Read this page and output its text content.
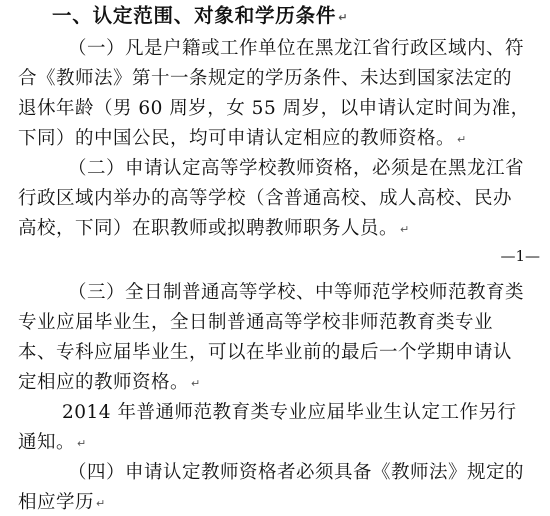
一、认定范围、对象和学历条件 ↵
（一）凡是户籍或工作单位在黑龙江省行政区域内、符
合《教师法》第十一条规定的学历条件、未达到国家法定的
退休年龄（男 60 周岁，女 55 周岁，以申请认定时间为准，
下同）的中国公民，均可申请认定相应的教师资格。 ↵
（二）申请认定高等学校教师资格，必须是在黑龙江省
行政区域内举办的高等学校（含普通高校、成人高校、民办
高校，下同）在职教师或拟聘教师职务人员。 ↵
—1—
（三）全日制普通高等学校、中等师范学校师范教育类
专业应届毕业生，全日制普通高等学校非师范教育类专业
本、专科应届毕业生，可以在毕业前的最后一个学期申请认
定相应的教师资格。 ↵
2014 年普通师范教育类专业应届毕业生认定工作另行
通知。 ↵
（四）申请认定教师资格者必须具备《教师法》规定的
相应学历 ↵
